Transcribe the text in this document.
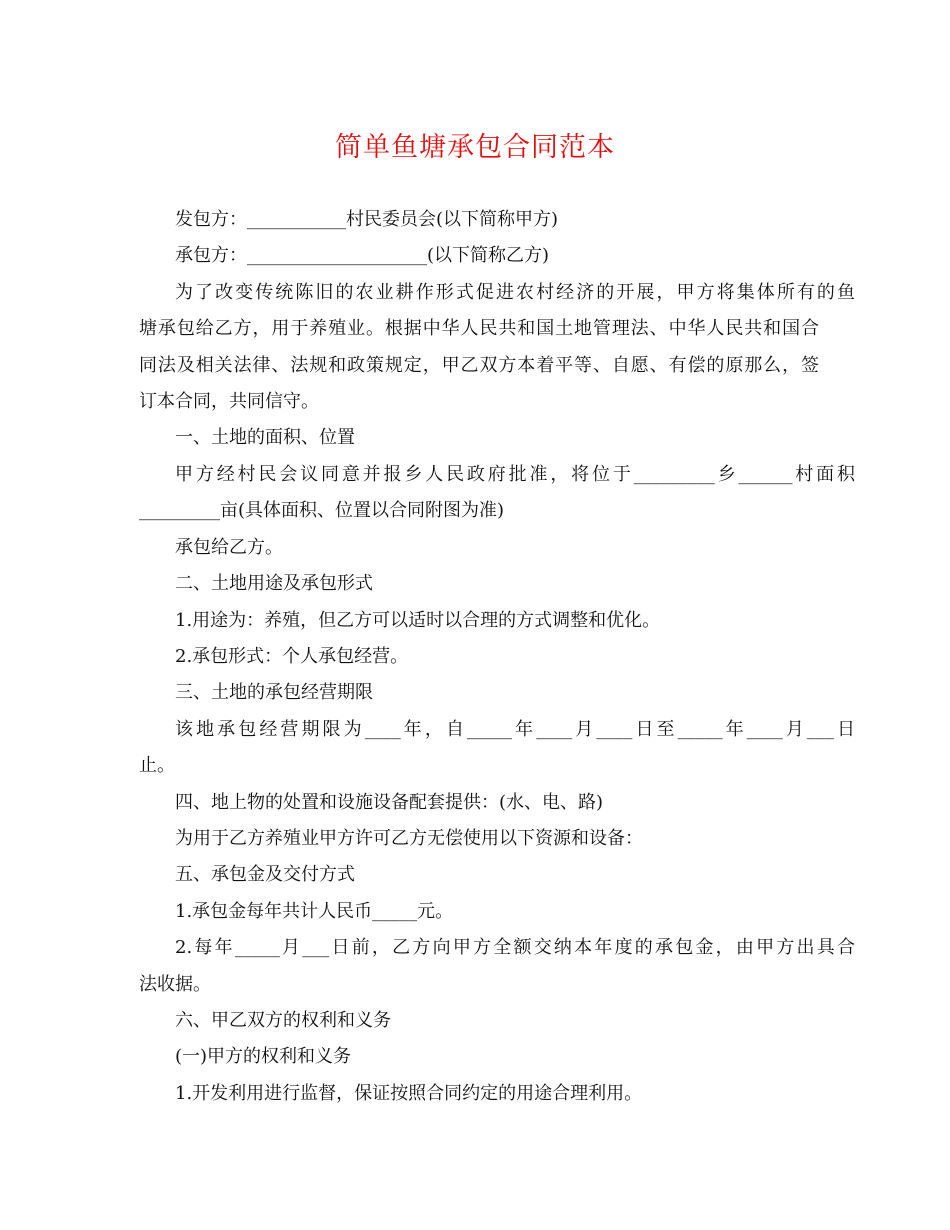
简单鱼塘承包合同范本
发包方：___________村民委员会(以下简称甲方)
承包方：____________________(以下简称乙方)
为了改变传统陈旧的农业耕作形式促进农村经济的开展，甲方将集体所有的鱼
塘承包给乙方，用于养殖业。根据中华人民共和国土地管理法、中华人民共和国合
同法及相关法律、法规和政策规定，甲乙双方本着平等、自愿、有偿的原那么，签
订本合同，共同信守。
一、土地的面积、位置
甲方经村民会议同意并报乡人民政府批准，将位于_________乡______村面积
_________亩(具体面积、位置以合同附图为准)
承包给乙方。
二、土地用途及承包形式
1.用途为：养殖，但乙方可以适时以合理的方式调整和优化。
2.承包形式：个人承包经营。
三、土地的承包经营期限
该地承包经营期限为____年，自_____年____月____日至_____年____月___日
止。
四、地上物的处置和设施设备配套提供：(水、电、路)
为用于乙方养殖业甲方许可乙方无偿使用以下资源和设备：
五、承包金及交付方式
1.承包金每年共计人民币_____元。
2.每年_____月___日前，乙方向甲方全额交纳本年度的承包金，由甲方出具合
法收据。
六、甲乙双方的权利和义务
(一)甲方的权利和义务
1.开发利用进行监督，保证按照合同约定的用途合理利用。
